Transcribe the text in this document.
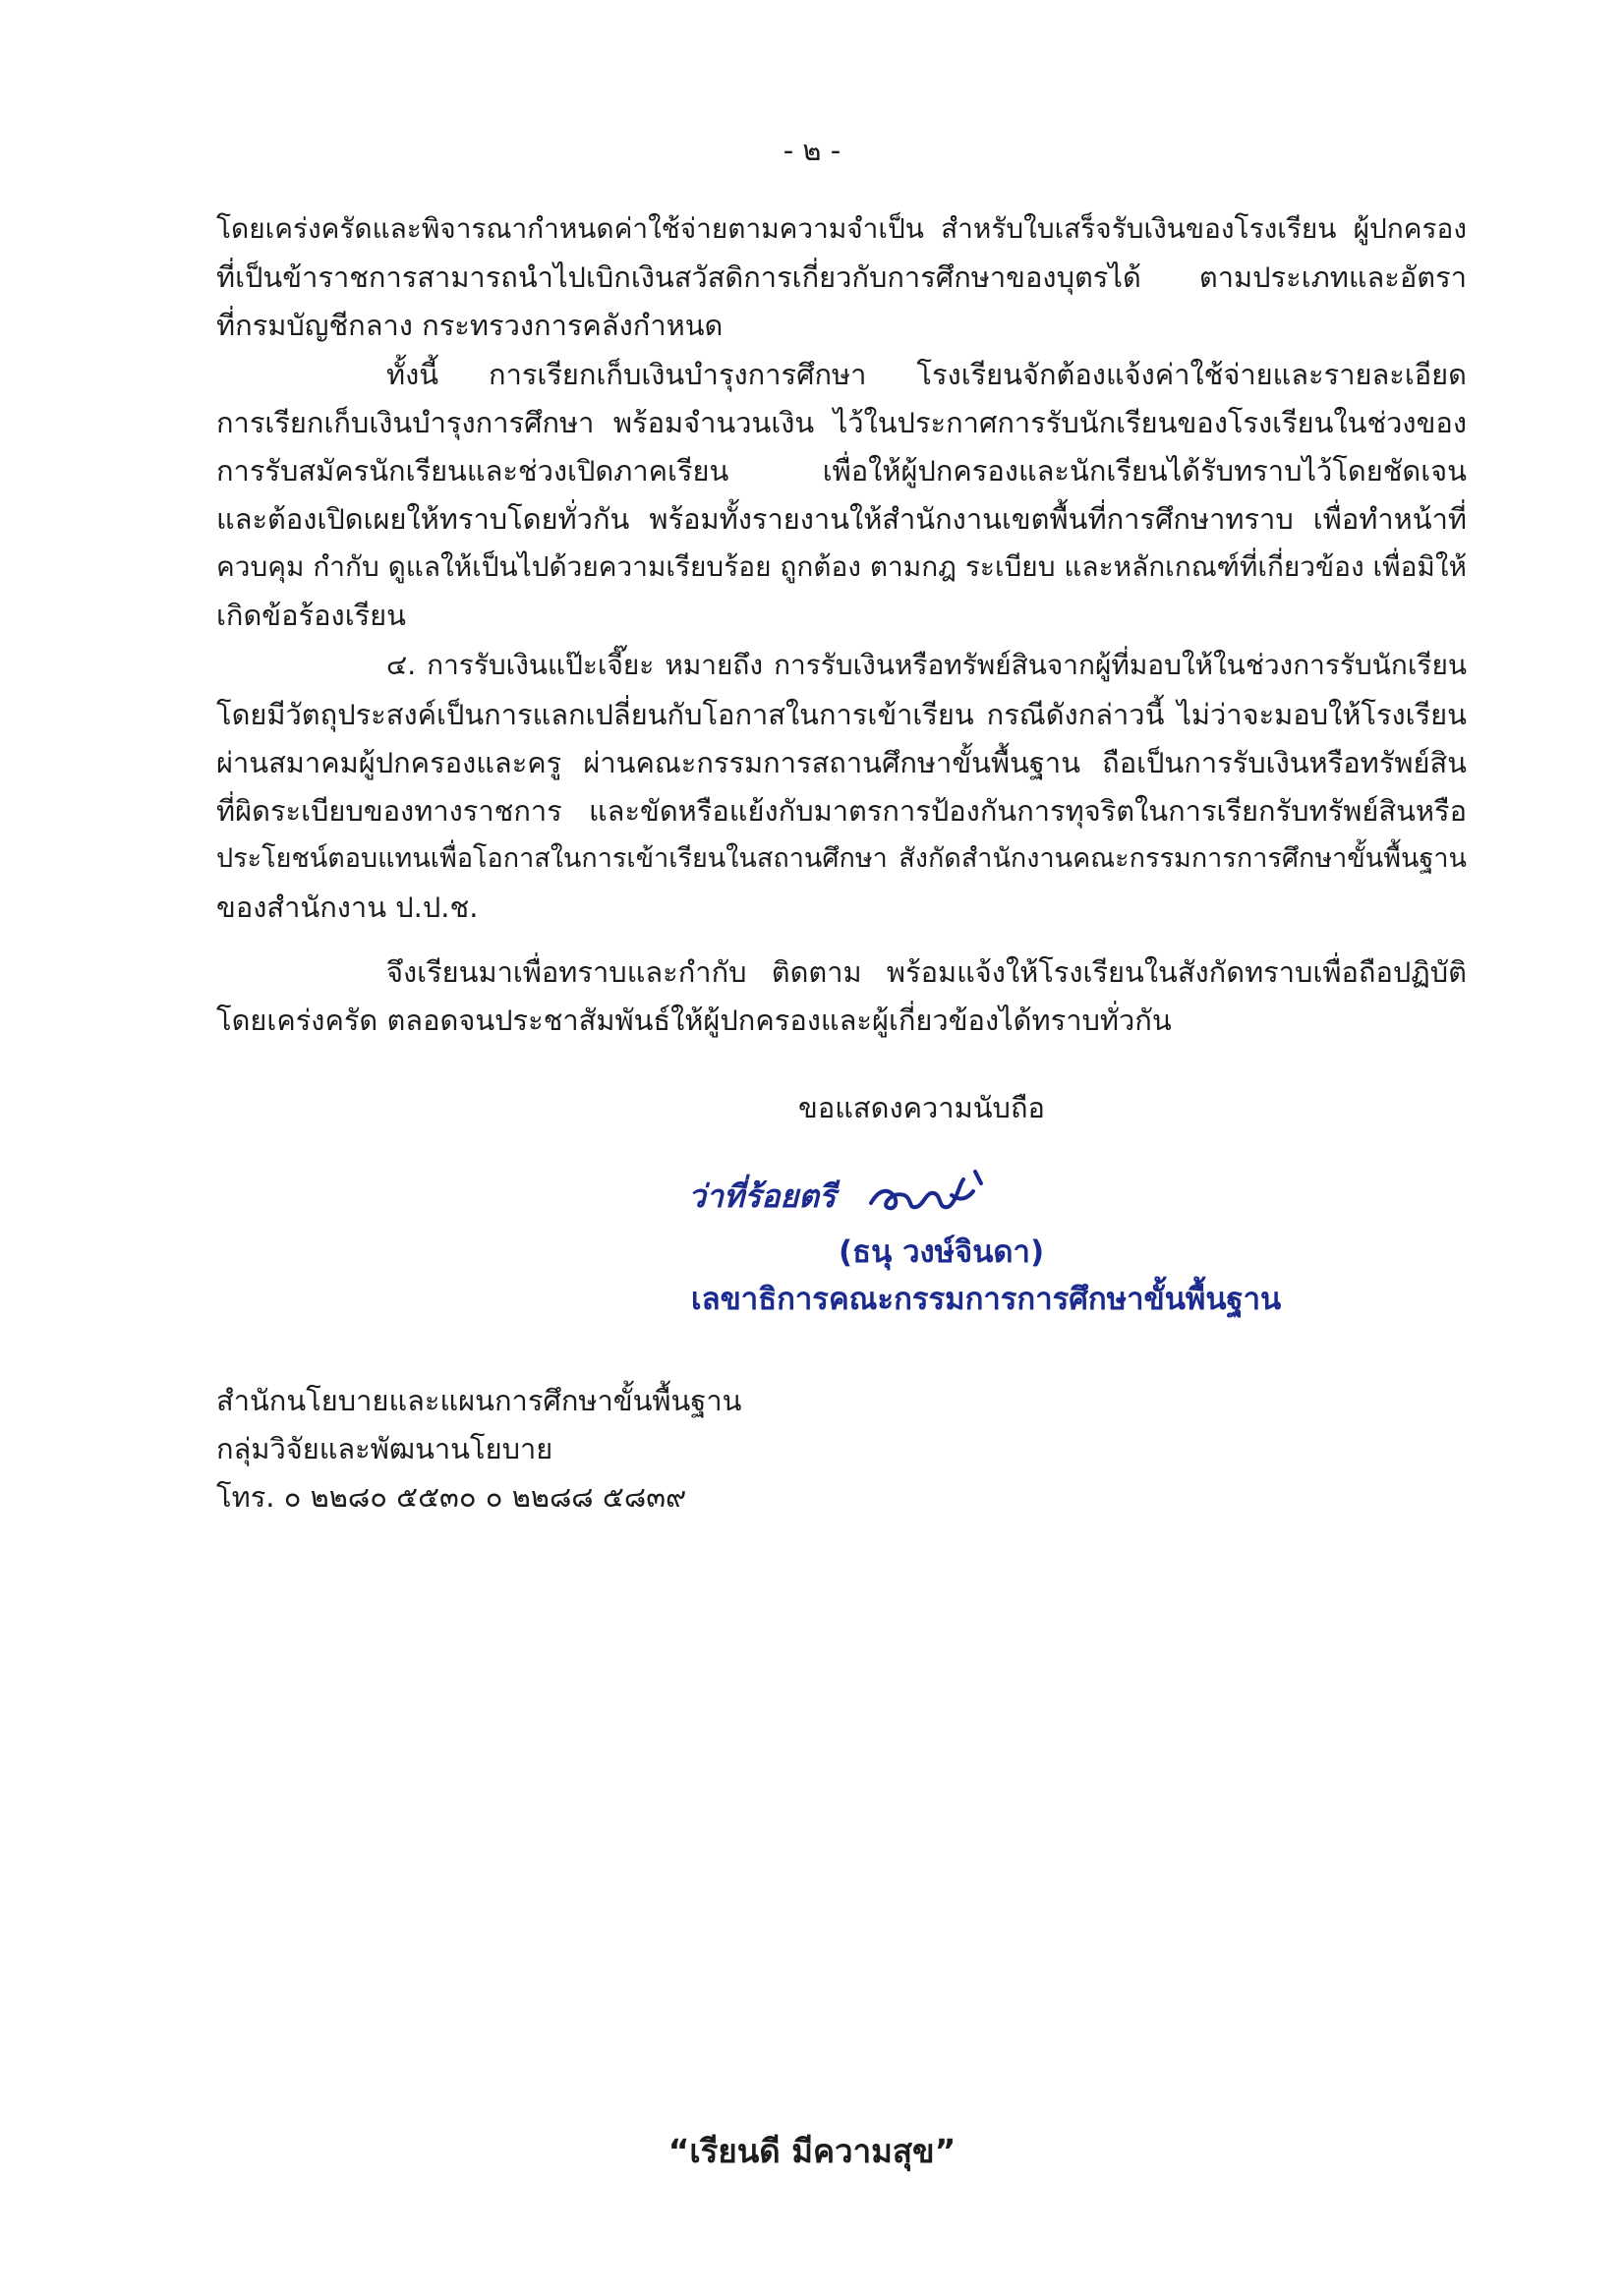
- ๒ -
โดยเคร่งครัดและพิจารณากำหนดค่าใช้จ่ายตามความจำเป็น สำหรับใบเสร็จรับเงินของโรงเรียน ผู้ปกครอง
ที่เป็นข้าราชการสามารถนำไปเบิกเงินสวัสดิการเกี่ยวกับการศึกษาของบุตรได้ ตามประเภทและอัตรา
ที่กรมบัญชีกลาง กระทรวงการคลังกำหนด
ทั้งนี้ การเรียกเก็บเงินบำรุงการศึกษา โรงเรียนจักต้องแจ้งค่าใช้จ่ายและรายละเอียด
การเรียกเก็บเงินบำรุงการศึกษา พร้อมจำนวนเงิน ไว้ในประกาศการรับนักเรียนของโรงเรียนในช่วงของ
การรับสมัครนักเรียนและช่วงเปิดภาคเรียน เพื่อให้ผู้ปกครองและนักเรียนได้รับทราบไว้โดยชัดเจน
และต้องเปิดเผยให้ทราบโดยทั่วกัน พร้อมทั้งรายงานให้สำนักงานเขตพื้นที่การศึกษาทราบ เพื่อทำหน้าที่
ควบคุม กำกับ ดูแลให้เป็นไปด้วยความเรียบร้อย ถูกต้อง ตามกฎ ระเบียบ และหลักเกณฑ์ที่เกี่ยวข้อง เพื่อมิให้
เกิดข้อร้องเรียน
๔. การรับเงินแป๊ะเจี๊ยะ หมายถึง การรับเงินหรือทรัพย์สินจากผู้ที่มอบให้ในช่วงการรับนักเรียน
โดยมีวัตถุประสงค์เป็นการแลกเปลี่ยนกับโอกาสในการเข้าเรียน กรณีดังกล่าวนี้ ไม่ว่าจะมอบให้โรงเรียน
ผ่านสมาคมผู้ปกครองและครู ผ่านคณะกรรมการสถานศึกษาขั้นพื้นฐาน ถือเป็นการรับเงินหรือทรัพย์สิน
ที่ผิดระเบียบของทางราชการ และขัดหรือแย้งกับมาตรการป้องกันการทุจริตในการเรียกรับทรัพย์สินหรือ
ประโยชน์ตอบแทนเพื่อโอกาสในการเข้าเรียนในสถานศึกษา สังกัดสำนักงานคณะกรรมการการศึกษาขั้นพื้นฐาน
ของสำนักงาน ป.ป.ช.
จึงเรียนมาเพื่อทราบและกำกับ ติดตาม พร้อมแจ้งให้โรงเรียนในสังกัดทราบเพื่อถือปฏิบัติ
โดยเคร่งครัด ตลอดจนประชาสัมพันธ์ให้ผู้ปกครองและผู้เกี่ยวข้องได้ทราบทั่วกัน
ขอแสดงความนับถือ
ว่าที่ร้อยตรี
(ธนุ วงษ์จินดา)
เลขาธิการคณะกรรมการการศึกษาขั้นพื้นฐาน
สำนักนโยบายและแผนการศึกษาขั้นพื้นฐาน
กลุ่มวิจัยและพัฒนานโยบาย
โทร. ๐ ๒๒๘๐ ๕๕๓๐ ๐ ๒๒๘๘ ๕๘๓๙
“เรียนดี มีความสุข”
